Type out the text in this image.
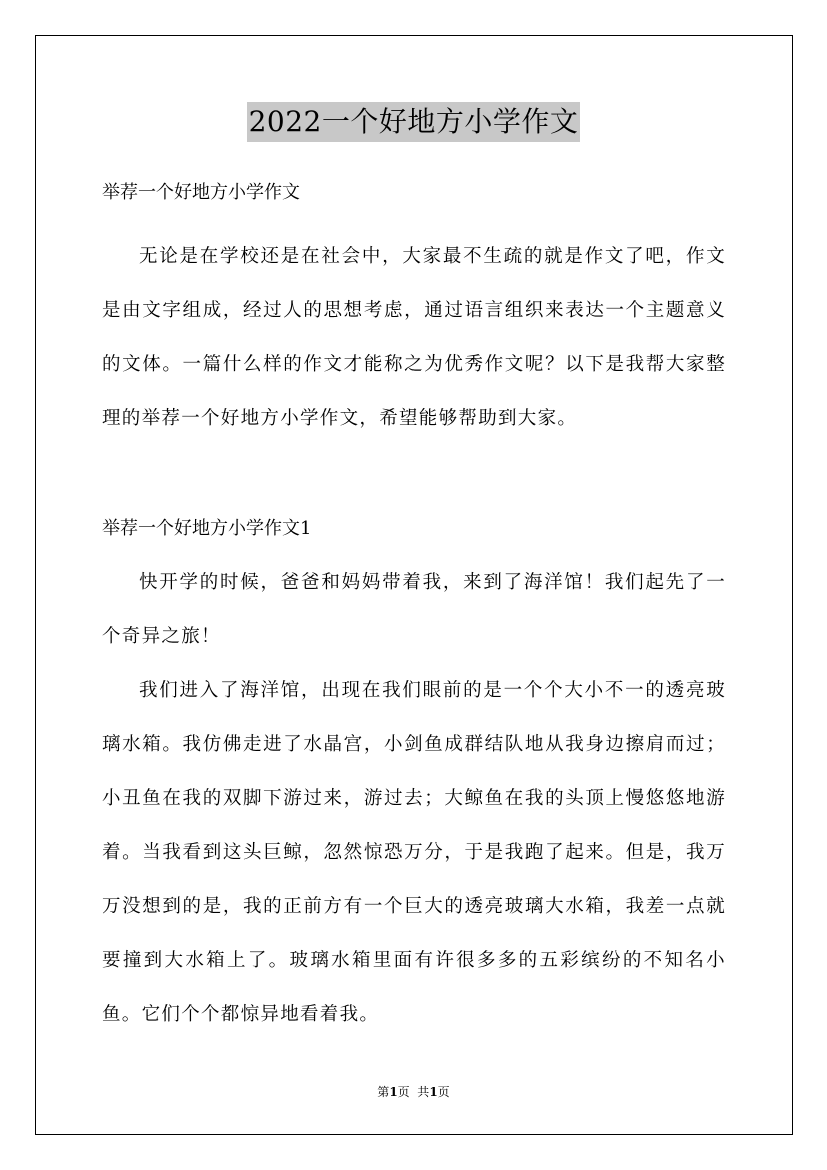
2022一个好地方小学作文

举荐一个好地方小学作文

无论是在学校还是在社会中，大家最不生疏的就是作文了吧，作文是由文字组成，经过人的思想考虑，通过语言组织来表达一个主题意义的文体。一篇什么样的作文才能称之为优秀作文呢？以下是我帮大家整理的举荐一个好地方小学作文，希望能够帮助到大家。

举荐一个好地方小学作文1

快开学的时候，爸爸和妈妈带着我，来到了海洋馆！我们起先了一个奇异之旅！

我们进入了海洋馆，出现在我们眼前的是一个个大小不一的透亮玻璃水箱。我仿佛走进了水晶宫，小剑鱼成群结队地从我身边擦肩而过；小丑鱼在我的双脚下游过来，游过去；大鲸鱼在我的头顶上慢悠悠地游着。当我看到这头巨鲸，忽然惊恐万分，于是我跑了起来。但是，我万万没想到的是，我的正前方有一个巨大的透亮玻璃大水箱，我差一点就要撞到大水箱上了。玻璃水箱里面有许很多多的五彩缤纷的不知名小鱼。它们个个都惊异地看着我。

第1页  共1页
